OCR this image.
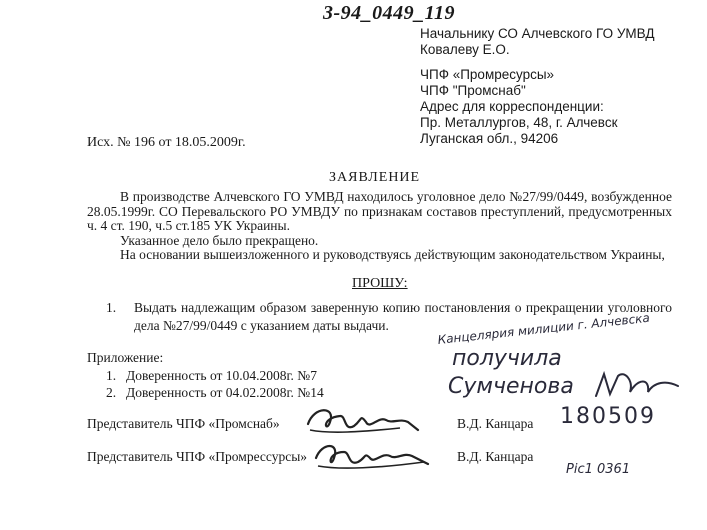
3-94_0449_119
Начальнику СО Алчевского ГО УМВД
Ковалеву Е.О.
ЧПФ «Промресурсы»
ЧПФ "Промснаб"
Адрес для корреспонденции:
Пр. Металлургов, 48, г. Алчевск
Луганская обл., 94206
Исх. № 196 от 18.05.2009г.
ЗАЯВЛЕНИЕ

В производстве Алчевского ГО УМВД находилось уголовное дело №27/99/0449, возбужденное 28.05.1999г. СО Перевальского РО УМВДУ по признакам составов преступлений, предусмотренных ч. 4 ст. 190, ч.5 ст.185 УК Украины.

Указанное дело было прекращено.

На основании вышеизложенного и руководствуясь действующим законодательством Украины,

ПРОШУ:
1. Выдать надлежащим образом заверенную копию постановления о прекращении уголовного дела №27/99/0449 с указанием даты выдачи.
Приложение:
1. Доверенность от 10.04.2008г. №7
2. Доверенность от 04.02.2008г. №14
Представитель ЧПФ «Промснаб»	В.Д. Канцара
Представитель ЧПФ «Промрессурсы»	В.Д. Канцара
Канцелярия милиции г. Алчевска
получила
Сумченова
180509
Ріс1 0361
